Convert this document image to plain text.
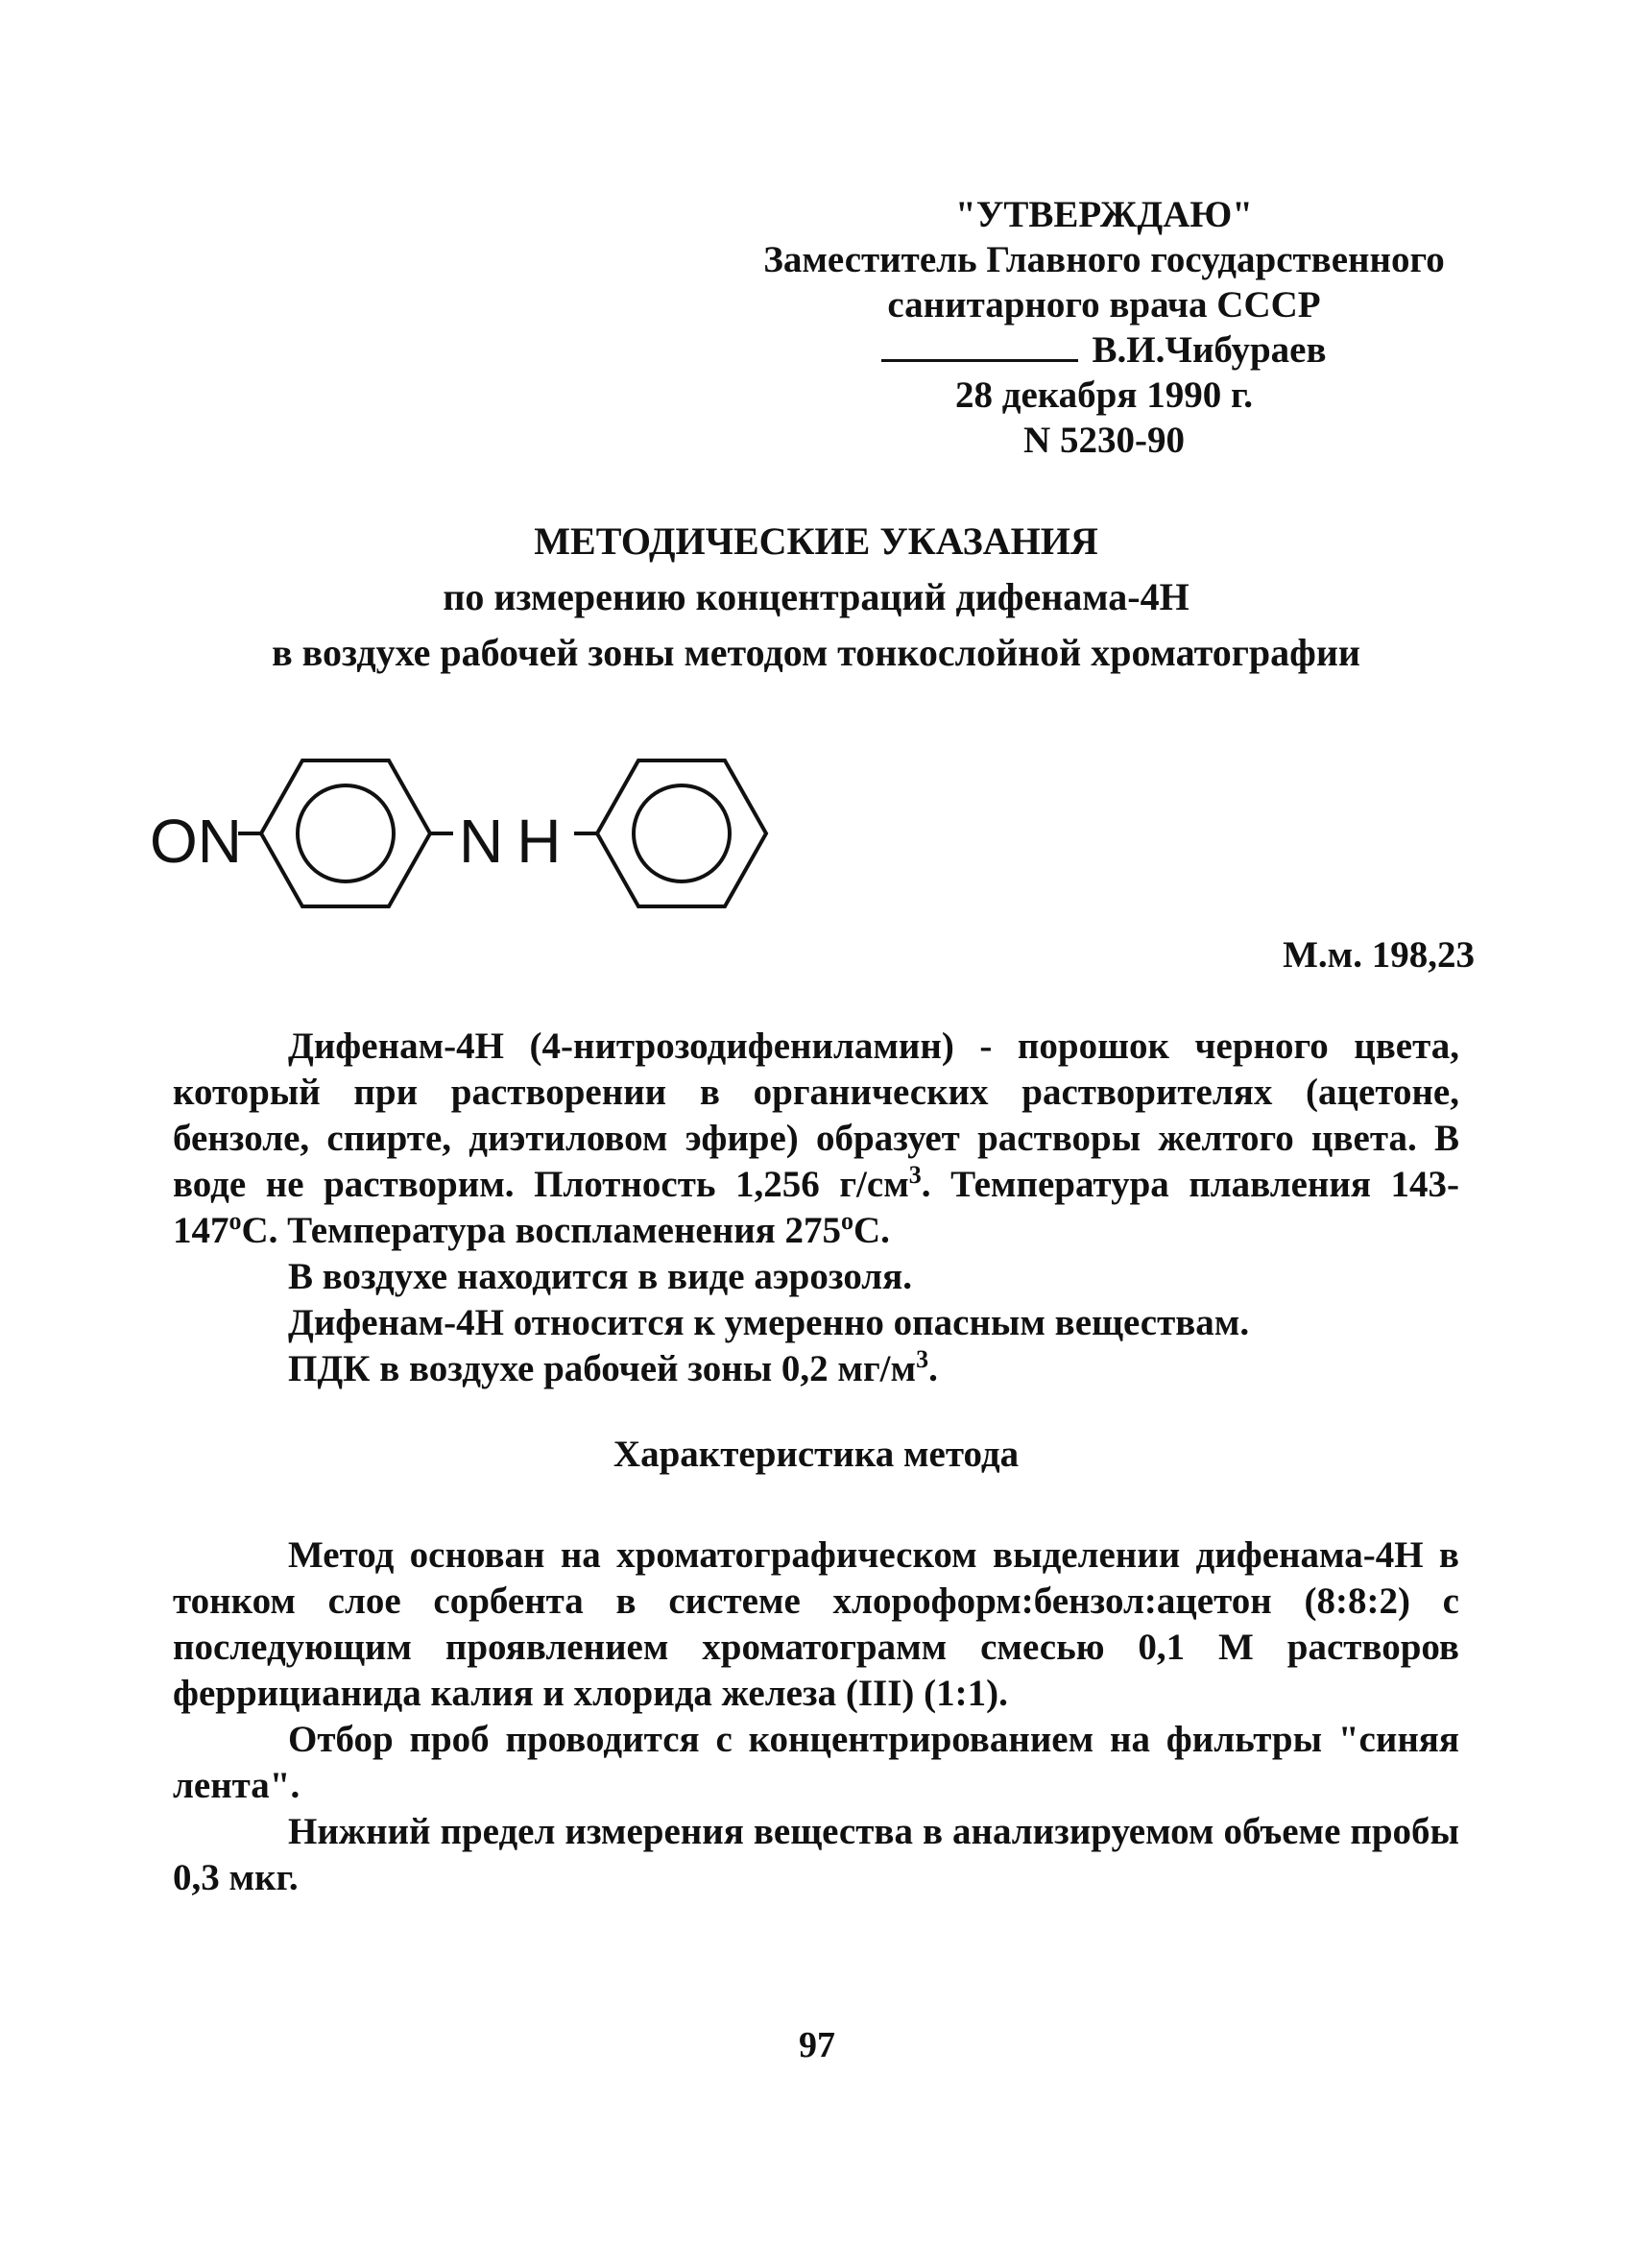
"УТВЕРЖДАЮ"
Заместитель Главного государственного
санитарного врача СССР
В.И.Чибураев
28 декабря 1990 г.
N 5230-90
МЕТОДИЧЕСКИЕ УКАЗАНИЯ
по измерению концентраций дифенама-4Н
в воздухе рабочей зоны методом тонкослойной хроматографии
ON	NH
М.м. 198,23

Дифенам-4Н (4-нитрозодифениламин) - порошок черного цвета, который при растворении в органических растворителях (ацетоне, бензоле, спирте, диэтиловом эфире) образует растворы желтого цвета. В воде не растворим. Плотность 1,256 $г/см^3$. Температура плавления $143-147^оС$. Температура воспламенения $275^оС$.

В воздухе находится в виде аэрозоля.
Дифенам-4Н относится к умеренно опасным веществам.
ПДК в воздухе рабочей зоны 0,2 $мг/м^3$.
Характеристика метода

Метод основан на хроматографическом выделении дифенама-4Н в тонком слое сорбента в системе хлороформ:бензол:ацетон (8:8:2) с последующим проявлением хроматограмм смесью 0,1 М растворов феррицианида калия и хлорида железа (III) (1:1).

Отбор проб проводится с концентрированием на фильтры "синяя лента".

Нижний предел измерения вещества в анализируемом объеме пробы 0,3 мкг.

97
